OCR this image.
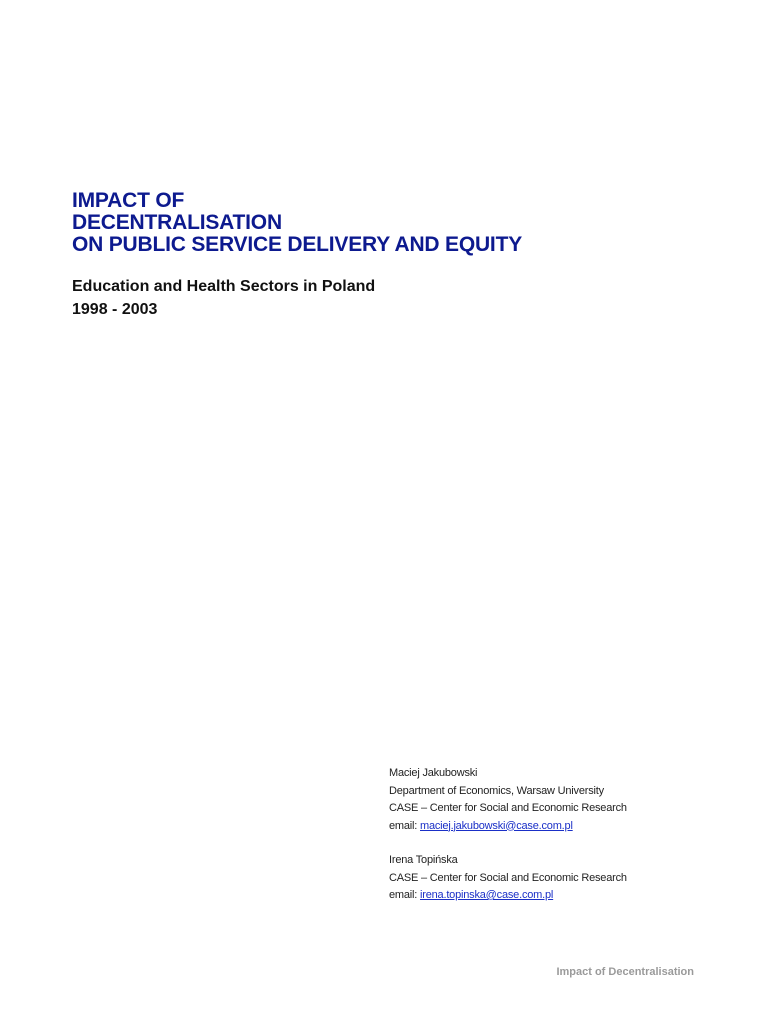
IMPACT OF
DECENTRALISATION
ON PUBLIC SERVICE DELIVERY AND EQUITY
Education and Health Sectors in Poland
1998 - 2003
Maciej Jakubowski
Department of Economics, Warsaw University
CASE – Center for Social and Economic Research
email: maciej.jakubowski@case.com.pl
Irena Topińska
CASE – Center for Social and Economic Research
email: irena.topinska@case.com.pl
Impact of Decentralisation
